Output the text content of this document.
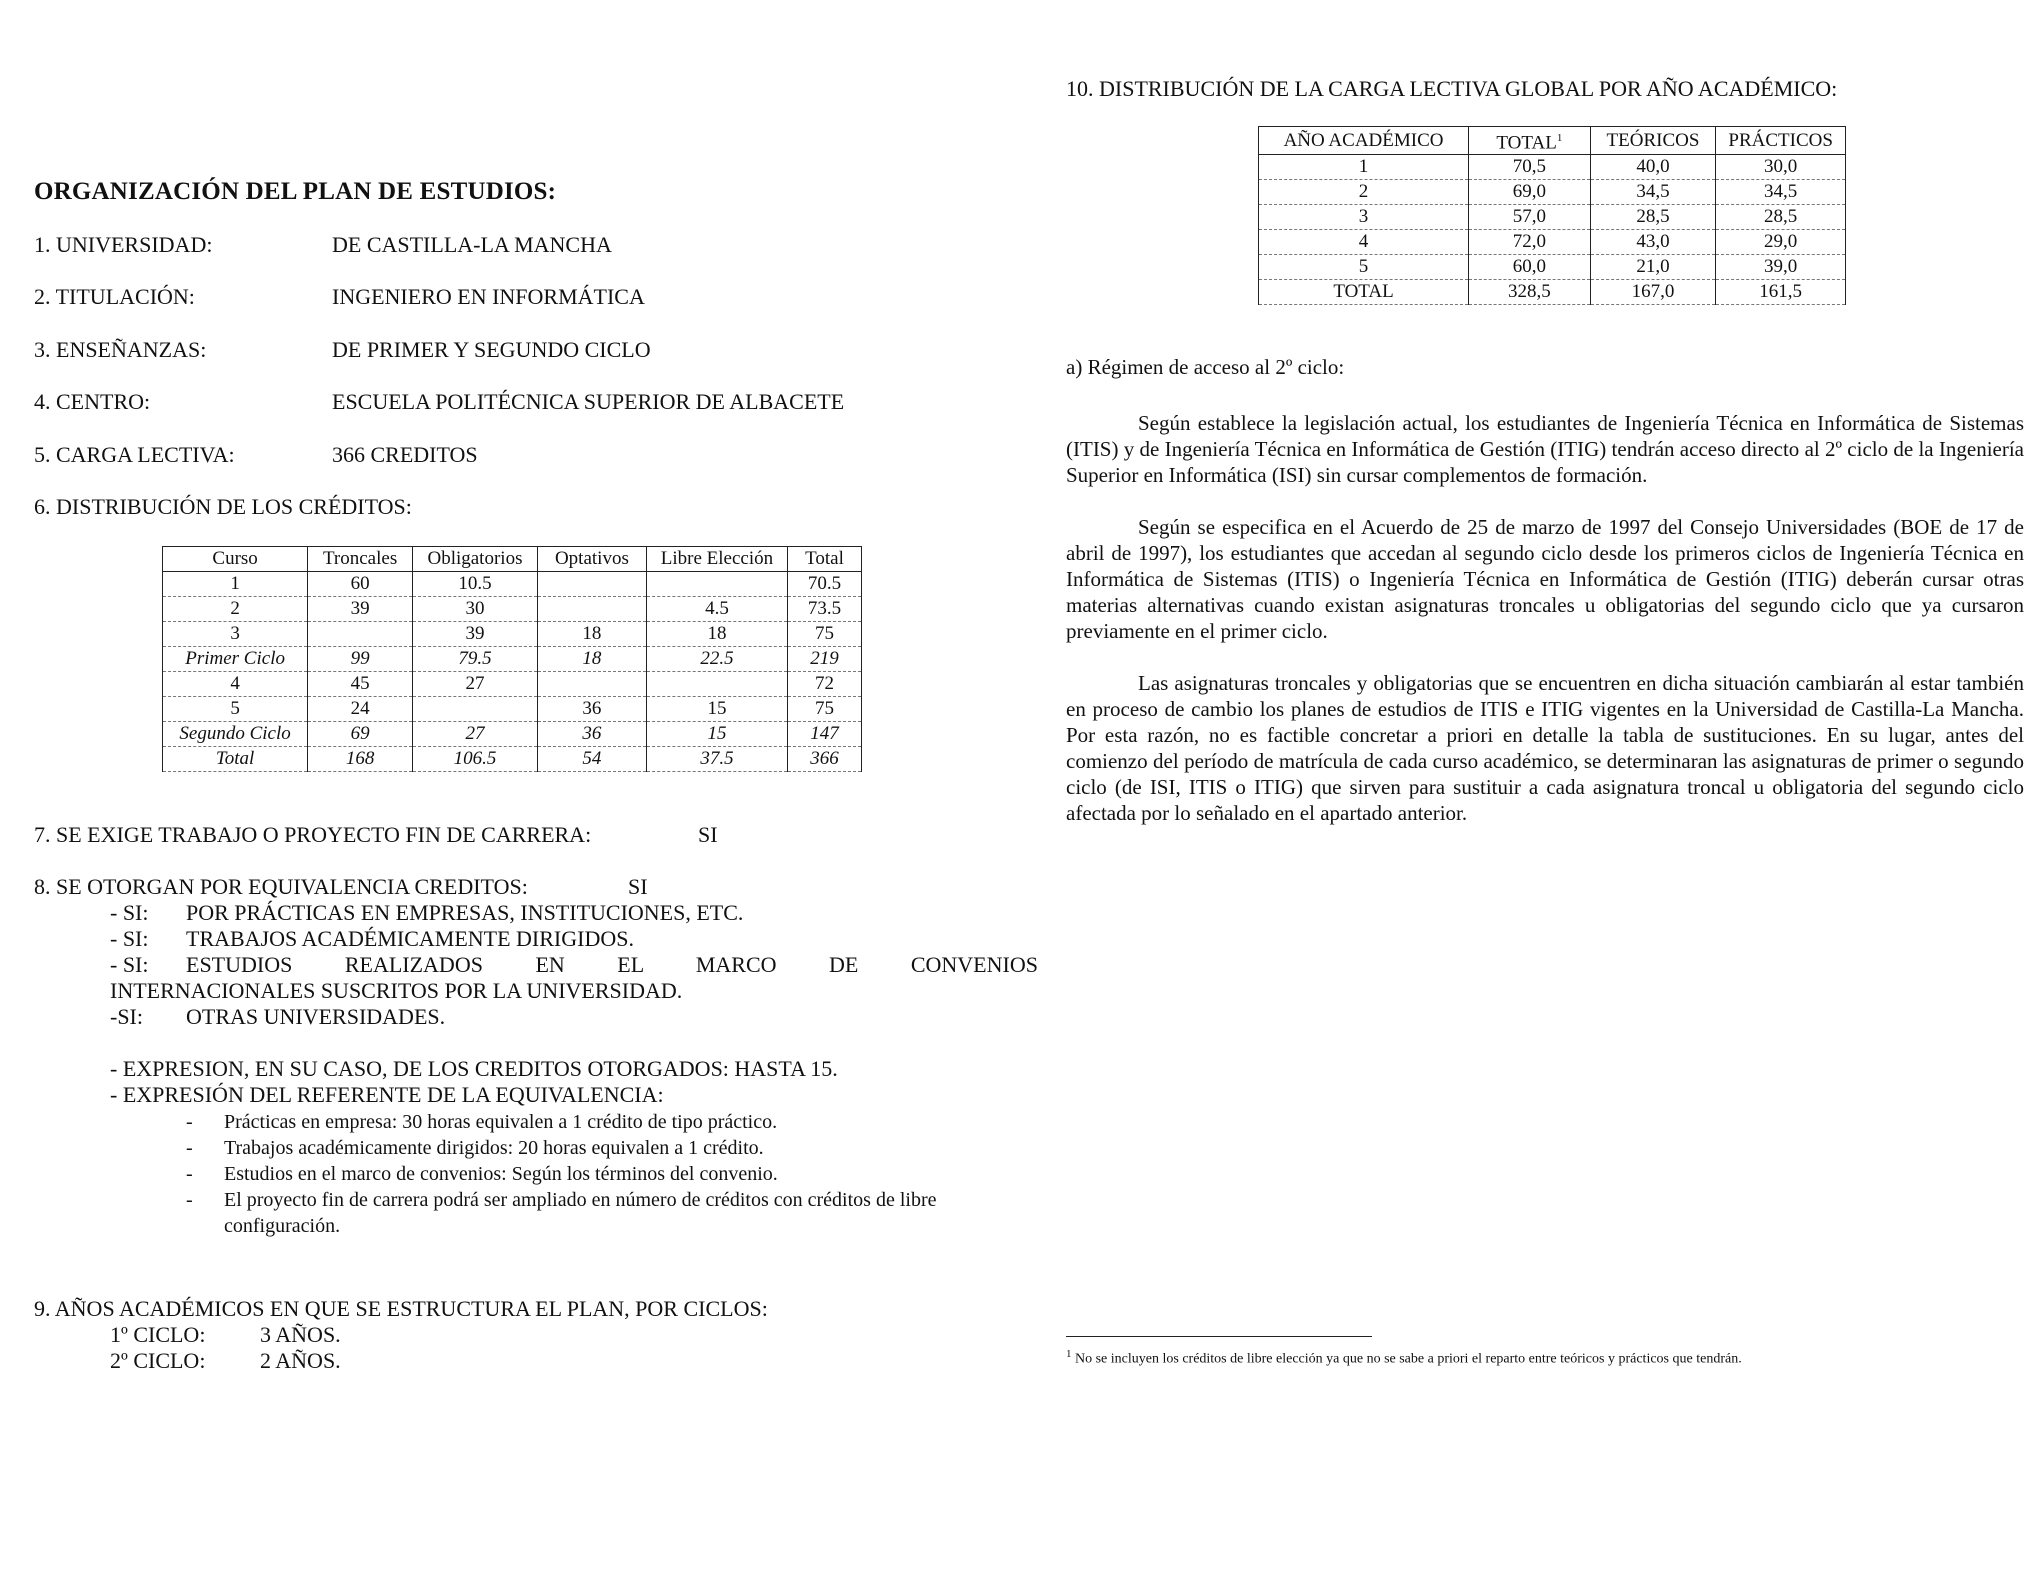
ORGANIZACIÓN DEL PLAN DE ESTUDIOS:
1. UNIVERSIDAD:	DE CASTILLA-LA MANCHA
2. TITULACIÓN:	INGENIERO EN INFORMÁTICA
3. ENSEÑANZAS:	DE PRIMER Y SEGUNDO CICLO
4. CENTRO:	ESCUELA POLITÉCNICA SUPERIOR DE ALBACETE
5. CARGA LECTIVA:	366 CREDITOS
6. DISTRIBUCIÓN DE LOS CRÉDITOS:
Curso	Troncales	Obligatorios	Optativos	Libre Elección	Total
1	60	10.5			70.5
2	39	30		4.5	73.5
3		39	18	18	75
Primer Ciclo	99	79.5	18	22.5	219
4	45	27			72
5	24		36	15	75
Segundo Ciclo	69	27	36	15	147
Total	168	106.5	54	37.5	366
7. SE EXIGE TRABAJO O PROYECTO FIN DE CARRERA:	SI
8. SE OTORGAN POR EQUIVALENCIA CREDITOS:	SI
- SI: POR PRÁCTICAS EN EMPRESAS, INSTITUCIONES, ETC.
- SI: TRABAJOS ACADÉMICAMENTE DIRIGIDOS.
- SI: ESTUDIOS REALIZADOS EN EL MARCO DE CONVENIOS
INTERNACIONALES SUSCRITOS POR LA UNIVERSIDAD.
-SI: OTRAS UNIVERSIDADES.
- EXPRESION, EN SU CASO, DE LOS CREDITOS OTORGADOS: HASTA 15.
- EXPRESIÓN DEL REFERENTE DE LA EQUIVALENCIA:
- Prácticas en empresa: 30 horas equivalen a 1 crédito de tipo práctico.
- Trabajos académicamente dirigidos: 20 horas equivalen a 1 crédito.
- Estudios en el marco de convenios: Según los términos del convenio.
- El proyecto fin de carrera podrá ser ampliado en número de créditos con créditos de libre configuración.
9. AÑOS ACADÉMICOS EN QUE SE ESTRUCTURA EL PLAN, POR CICLOS:
1º CICLO: 3 AÑOS.
2º CICLO: 2 AÑOS.
10. DISTRIBUCIÓN DE LA CARGA LECTIVA GLOBAL POR AÑO ACADÉMICO:
AÑO ACADÉMICO	TOTAL$^1$	TEÓRICOS	PRÁCTICOS
1	70,5	40,0	30,0
2	69,0	34,5	34,5
3	57,0	28,5	28,5
4	72,0	43,0	29,0
5	60,0	21,0	39,0
TOTAL	328,5	167,0	161,5
a) Régimen de acceso al 2º ciclo:
Según establece la legislación actual, los estudiantes de Ingeniería Técnica en Informática de Sistemas (ITIS) y de Ingeniería Técnica en Informática de Gestión (ITIG) tendrán acceso directo al 2º ciclo de la Ingeniería Superior en Informática (ISI) sin cursar complementos de formación.
Según se especifica en el Acuerdo de 25 de marzo de 1997 del Consejo Universidades (BOE de 17 de abril de 1997), los estudiantes que accedan al segundo ciclo desde los primeros ciclos de Ingeniería Técnica en Informática de Sistemas (ITIS) o Ingeniería Técnica en Informática de Gestión (ITIG) deberán cursar otras materias alternativas cuando existan asignaturas troncales u obligatorias del segundo ciclo que ya cursaron previamente en el primer ciclo.
Las asignaturas troncales y obligatorias que se encuentren en dicha situación cambiarán al estar también en proceso de cambio los planes de estudios de ITIS e ITIG vigentes en la Universidad de Castilla-La Mancha. Por esta razón, no es factible concretar a priori en detalle la tabla de sustituciones. En su lugar, antes del comienzo del período de matrícula de cada curso académico, se determinaran las asignaturas de primer o segundo ciclo (de ISI, ITIS o ITIG) que sirven para sustituir a cada asignatura troncal u obligatoria del segundo ciclo afectada por lo señalado en el apartado anterior.
$^1$ No se incluyen los créditos de libre elección ya que no se sabe a priori el reparto entre teóricos y prácticos que tendrán.
